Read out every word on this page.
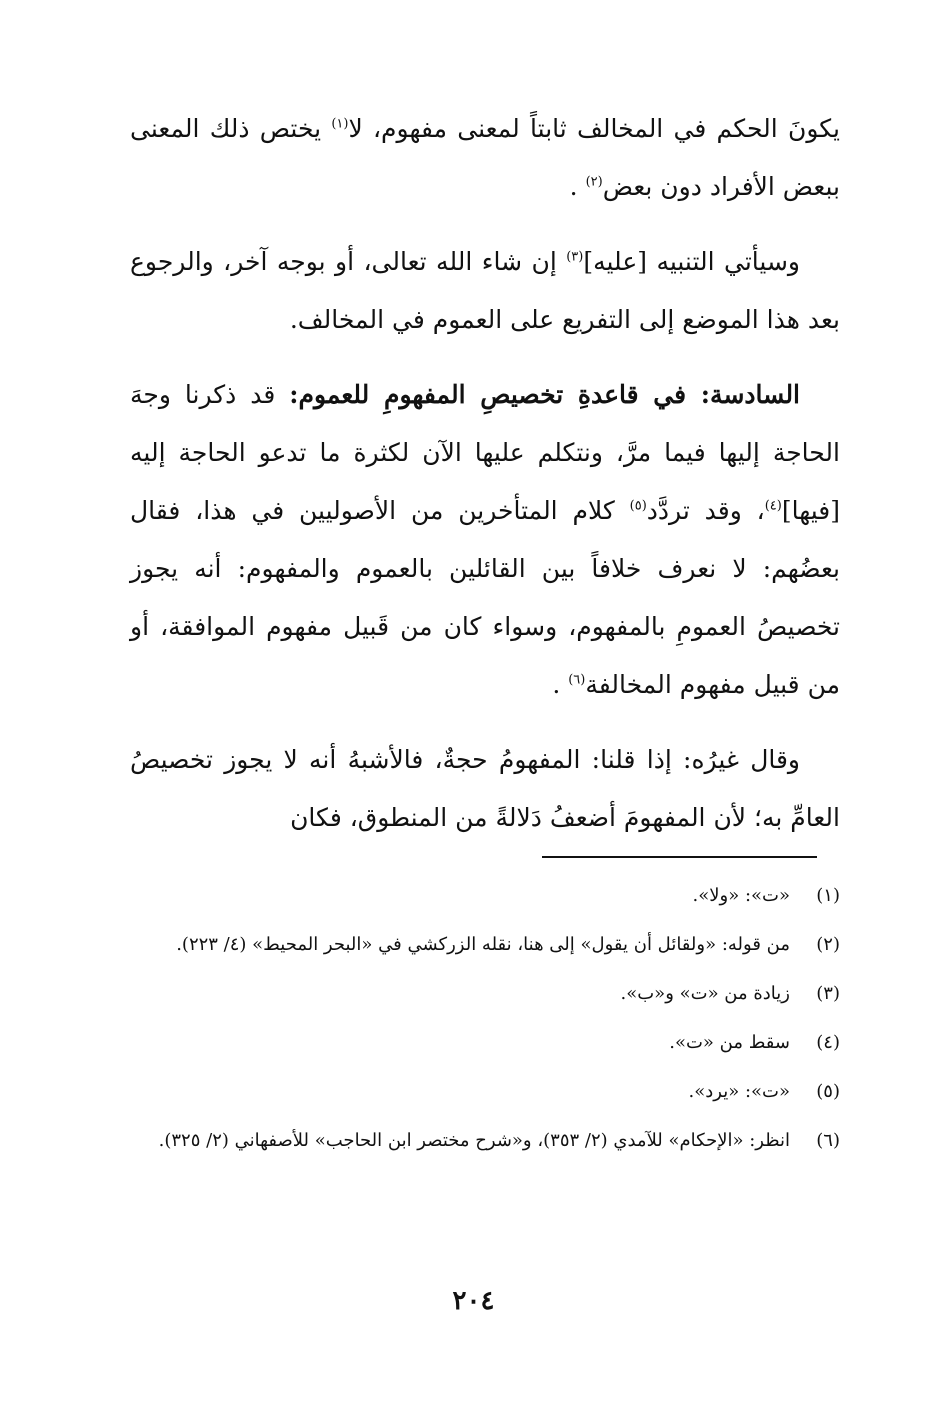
يكونَ الحكم في المخالف ثابتاً لمعنى مفهوم، لا$^{(١)}$ يختص ذلك المعنى ببعض الأفراد دون بعض$^{(٢)}$ .

وسيأتي التنبيه [عليه]$^{(٣)}$ إن شاء الله تعالى، أو بوجه آخر، والرجوع بعد هذا الموضع إلى التفريع على العموم في المخالف.

السادسة: في قاعدةِ تخصيصِ المفهومِ للعموم: قد ذكرنا وجهَ الحاجة إليها فيما مرَّ، ونتكلم عليها الآن لكثرة ما تدعو الحاجة إليه [فيها]$^{(٤)}$، وقد تردَّد$^{(٥)}$ كلام المتأخرين من الأصوليين في هذا، فقال بعضُهم: لا نعرف خلافاً بين القائلين بالعموم والمفهوم: أنه يجوز تخصيصُ العمومِ بالمفهوم، وسواء كان من قَبيل مفهوم الموافقة، أو من قبيل مفهوم المخالفة$^{(٦)}$ .

وقال غيرُه: إذا قلنا: المفهومُ حجةٌ، فالأشبهُ أنه لا يجوز تخصيصُ العامِّ به؛ لأن المفهومَ أضعفُ دَلالةً من المنطوق، فكان

(١)
«ت»: «ولا».
(٢)
من قوله: «ولقائل أن يقول» إلى هنا، نقله الزركشي في «البحر المحيط» (٤/ ٢٢٣).
(٣)
زيادة من «ت» و«ب».
(٤)
سقط من «ت».
(٥)
«ت»: «يرد».
(٦)
انظر: «الإحكام» للآمدي (٢/ ٣٥٣)، و«شرح مختصر ابن الحاجب» للأصفهاني (٢/ ٣٢٥).
٢٠٤
